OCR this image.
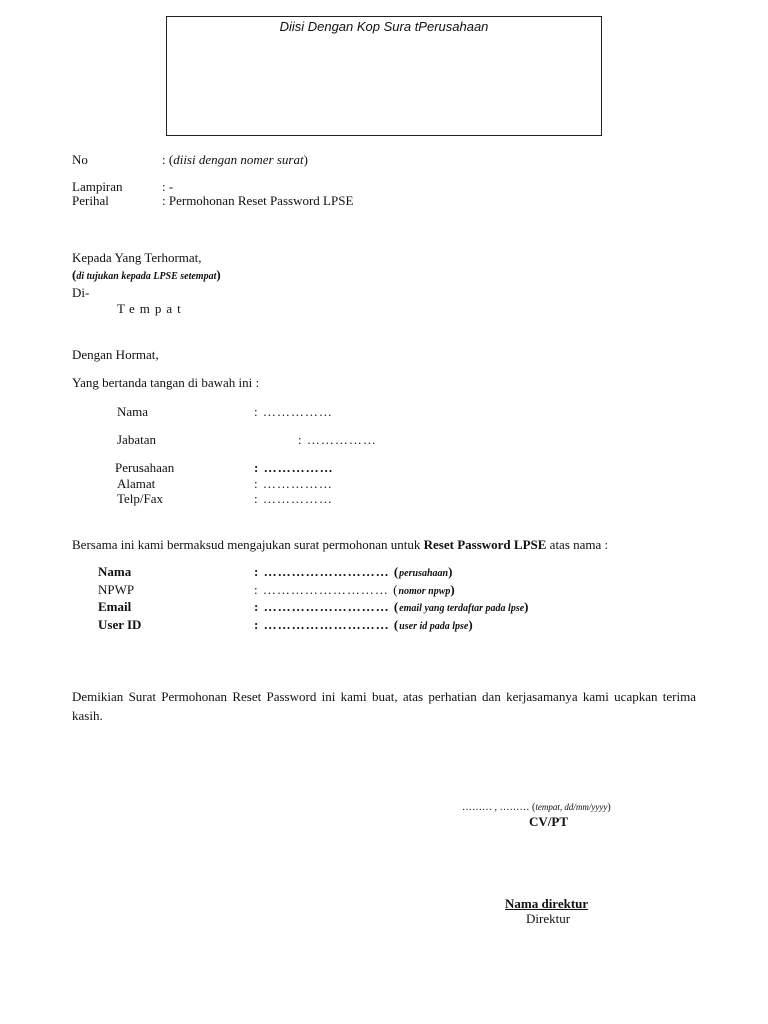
Diisi Dengan Kop Sura tPerusahaan
No	: (diisi dengan nomer surat)
Lampiran	: -
Perihal	: Permohonan Reset Password LPSE
Kepada Yang Terhormat,
(di tujukan kepada LPSE setempat)
Di-
Tempat
Dengan Hormat,
Yang bertanda tangan di bawah ini :
Nama	: ……………
Jabatan	: ……………
Perusahaan	: ……………
Alamat	: ……………
Telp/Fax	: ……………
Bersama ini kami bermaksud mengajukan surat permohonan untuk Reset Password LPSE atas nama :
Nama	: ……………………… (perusahaan)
NPWP	: ……………………… (nomor npwp)
Email	: ……………………… (email yang terdaftar pada lpse)
User ID	: ……………………… (user id pada lpse)
Demikian Surat Permohonan Reset Password ini kami buat, atas perhatian dan kerjasamanya kami ucapkan terima kasih.
……… , ……… (tempat, dd/mm/yyyy)
CV/PT
Nama direktur
Direktur
